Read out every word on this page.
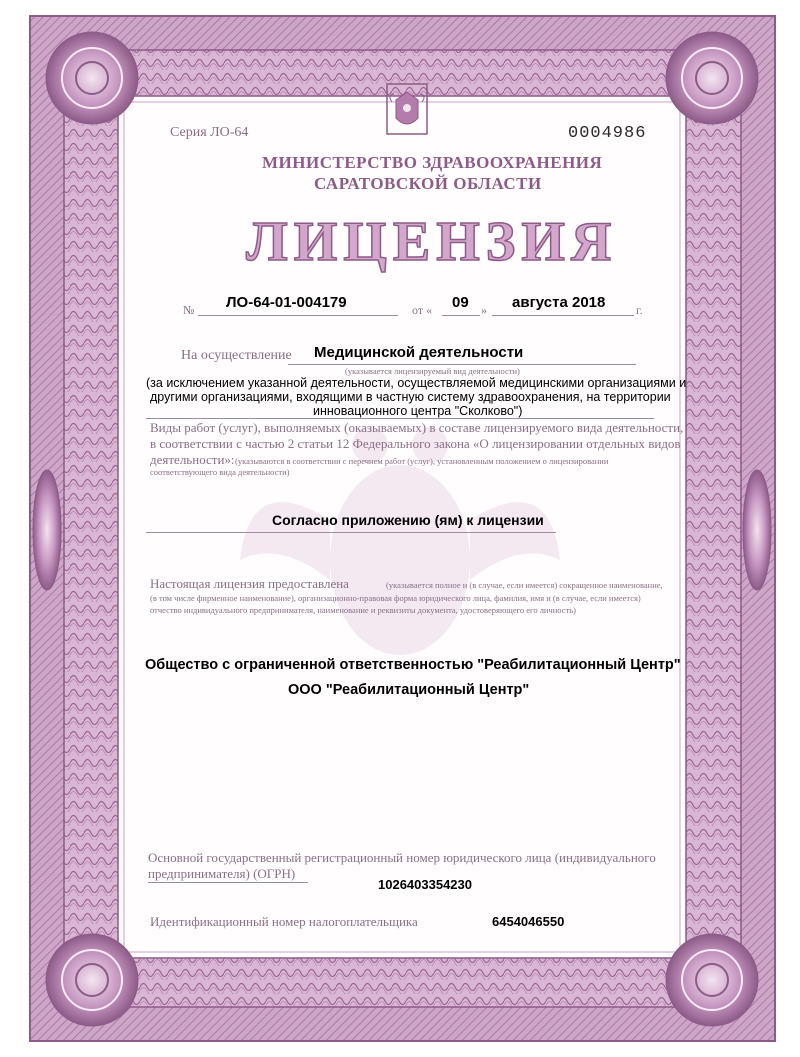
Серия ЛО-64	0004986
МИНИСТЕРСТВО ЗДРАВООХРАНЕНИЯ
САРАТОВСКОЙ ОБЛАСТИ
ЛИЦЕНЗИЯ
№ ЛО-64-01-004179	от « 09 » августа 2018	г.
На осуществление Медицинской деятельности
(указывается лицензируемый вид деятельности)
(за исключением указанной деятельности, осуществляемой медицинскими организациями и
другими организациями, входящими в частную систему здравоохранения, на территории
инновационного центра "Сколково")
Виды работ (услуг), выполняемых (оказываемых) в составе лицензируемого вида деятельности,
в соответствии с частью 2 статьи 12 Федерального закона «О лицензировании отдельных видов
деятельности»: (указываются в соответствии с перечнем работ (услуг), установленным положением о лицензировании
соответствующего вида деятельности)
Согласно приложению (ям) к лицензии
Настоящая лицензия предоставлена	(указывается полное и (в случае, если имеется) сокращенное наименование,
(в том числе фирменное наименование), организационно-правовая форма юридического лица, фамилия, имя и (в случае, если имеется)
отчество индивидуального предпринимателя, наименование и реквизиты документа, удостоверяющего его личность)
Общество с ограниченной ответственностью "Реабилитационный Центр"
ООО "Реабилитационный Центр"
Основной государственный регистрационный номер юридического лица (индивидуального
предпринимателя) (ОГРН)
1026403354230
Идентификационный номер налогоплательщика	6454046550
